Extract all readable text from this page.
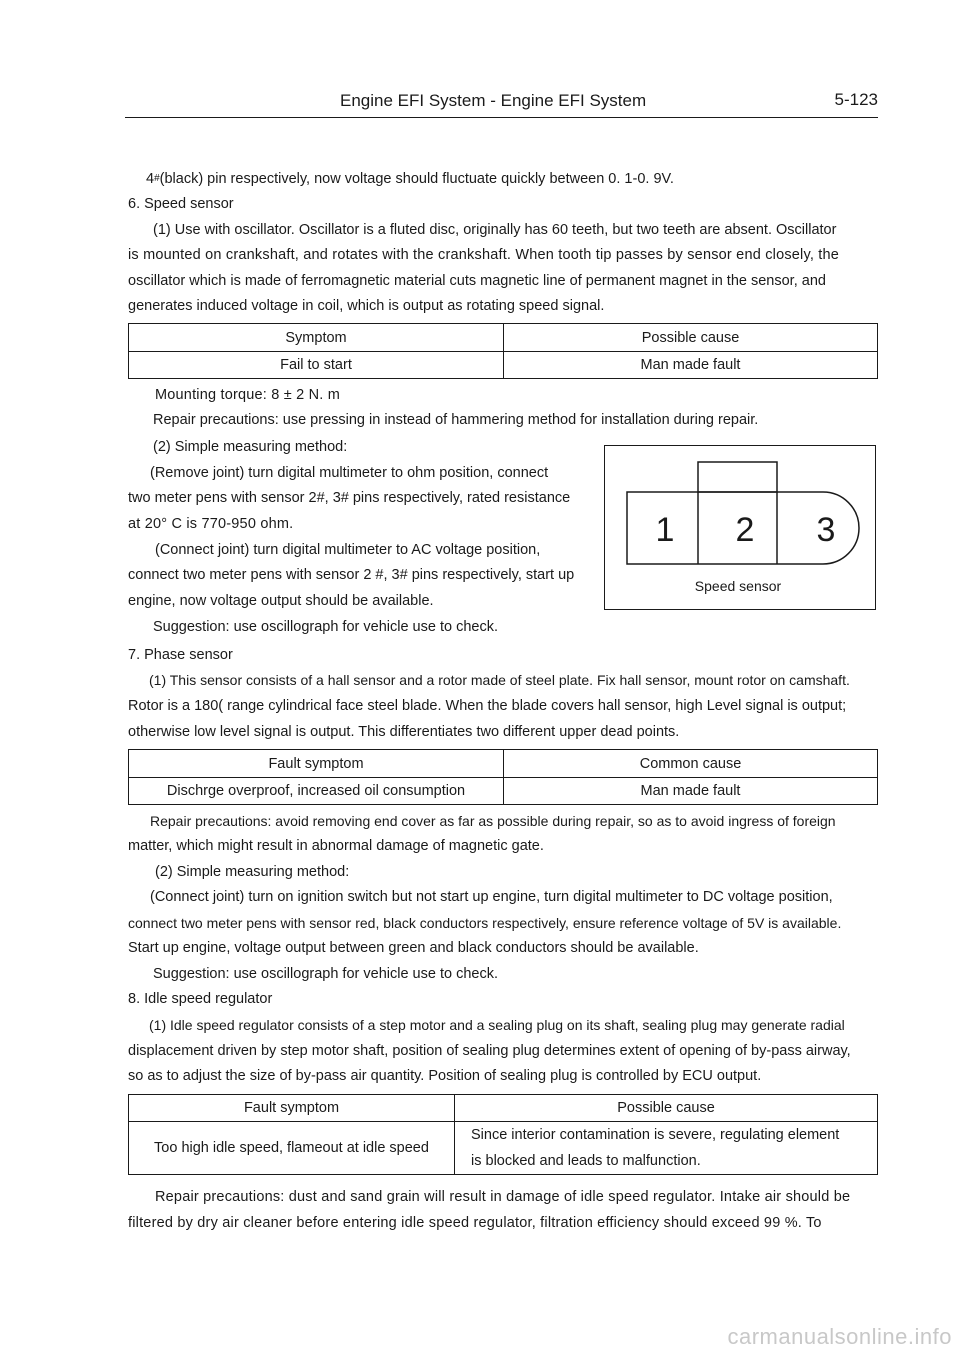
Engine EFI System - Engine EFI System	5-123
4#(black) pin respectively, now voltage should fluctuate quickly between 0. 1-0. 9V.
6. Speed sensor
(1) Use with oscillator. Oscillator is a fluted disc, originally has 60 teeth, but two teeth are absent. Oscillator
is mounted on crankshaft, and rotates with the crankshaft. When tooth tip passes by sensor end closely, the
oscillator which is made of ferromagnetic material cuts magnetic line of permanent magnet in the sensor, and
generates induced voltage in coil, which is output as rotating speed signal.
Symptom	Possible cause
Fail to start	Man made fault
Mounting torque: 8 ± 2 N. m
Repair precautions: use pressing in instead of hammering method for installation during repair.
(2) Simple measuring method:
(Remove joint) turn digital multimeter to ohm position, connect
two meter pens with sensor 2#, 3# pins respectively, rated resistance
at 20° C is 770-950 ohm.
(Connect joint) turn digital multimeter to AC voltage position,
connect two meter pens with sensor 2 #, 3# pins respectively, start up
engine, now voltage output should be available.
Suggestion: use oscillograph for vehicle use to check.
1 2 3
Speed sensor
7. Phase sensor
(1) This sensor consists of a hall sensor and a rotor made of steel plate. Fix hall sensor, mount rotor on camshaft.
Rotor is a 180( range cylindrical face steel blade. When the blade covers hall sensor, high Level signal is output;
otherwise low level signal is output. This differentiates two different upper dead points.
Fault symptom	Common cause
Dischrge overproof, increased oil consumption	Man made fault
Repair precautions: avoid removing end cover as far as possible during repair, so as to avoid ingress of foreign
matter, which might result in abnormal damage of magnetic gate.
(2) Simple measuring method:
(Connect joint) turn on ignition switch but not start up engine, turn digital multimeter to DC voltage position,
connect two meter pens with sensor red, black conductors respectively, ensure reference voltage of 5V is available.
Start up engine, voltage output between green and black conductors should be available.
Suggestion: use oscillograph for vehicle use to check.
8. Idle speed regulator
(1) Idle speed regulator consists of a step motor and a sealing plug on its shaft, sealing plug may generate radial
displacement driven by step motor shaft, position of sealing plug determines extent of opening of by-pass airway,
so as to adjust the size of by-pass air quantity. Position of sealing plug is controlled by ECU output.
Fault symptom	Possible cause
Too high idle speed, flameout at idle speed	Since interior contamination is severe, regulating element
is blocked and leads to malfunction.
Repair precautions: dust and sand grain will result in damage of idle speed regulator. Intake air should be
filtered by dry air cleaner before entering idle speed regulator, filtration efficiency should exceed 99 %. To
carmanualsonline.info
